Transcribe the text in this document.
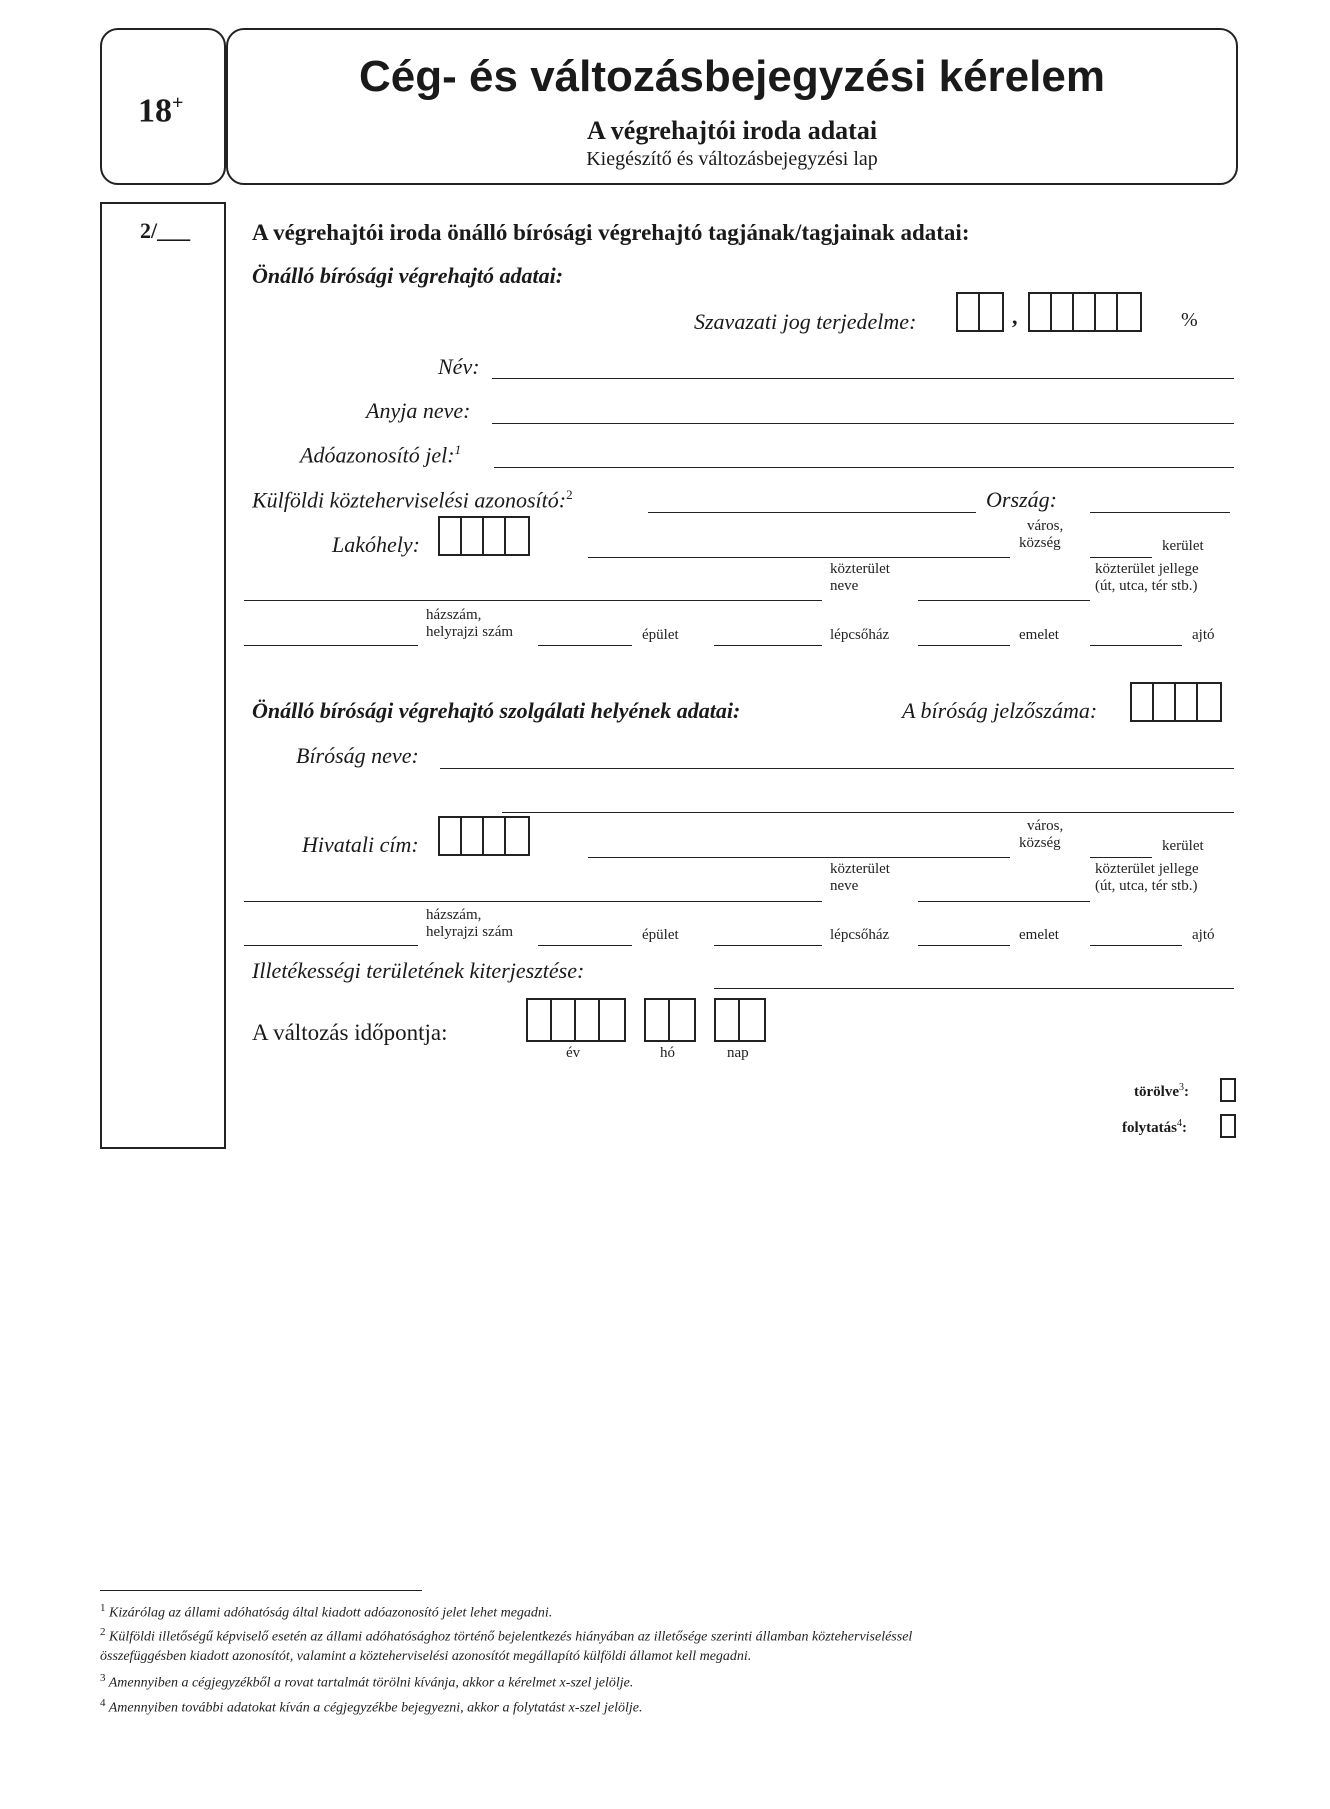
18+
Cég- és változásbejegyzési kérelem
A végrehajtói iroda adatai
Kiegészítő és változásbejegyzési lap
2/___	A végrehajtói iroda önálló bírósági végrehajtó tagjának/tagjainak adatai:
Önálló bírósági végrehajtó adatai:
Szavazati jog terjedelme:	,	%
Név:
Anyja neve:
Adóazonosító jel:$^1$
Külföldi közteherviselési azonosító:$^2$	Ország:
Lakóhely:
város,
község	kerület
közterület
neve
közterület jellege
(út, utca, tér stb.)
házszám,
helyrajzi szám	épület	lépcsőház	emelet	ajtó
Önálló bírósági végrehajtó szolgálati helyének adatai:	A bíróság jelzőszáma:
Bíróság neve:
Hivatali cím:
város,
község	kerület
közterület
neve
közterület jellege
(út, utca, tér stb.)
házszám,
helyrajzi szám	épület	lépcsőház	emelet	ajtó
Illetékességi területének kiterjesztése:
A változás időpontja:
év	hó	nap
törölve$^3$:
folytatás$^4$:
$^1$ Kizárólag az állami adóhatóság által kiadott adóazonosító jelet lehet megadni.
$^2$ Külföldi illetőségű képviselő esetén az állami adóhatósághoz történő bejelentkezés hiányában az illetősége szerinti államban közteherviseléssel
összefüggésben kiadott azonosítót, valamint a közteherviselési azonosítót megállapító külföldi államot kell megadni.
$^3$ Amennyiben a cégjegyzékből a rovat tartalmát törölni kívánja, akkor a kérelmet x-szel jelölje.
$^4$ Amennyiben további adatokat kíván a cégjegyzékbe bejegyezni, akkor a folytatást x-szel jelölje.
